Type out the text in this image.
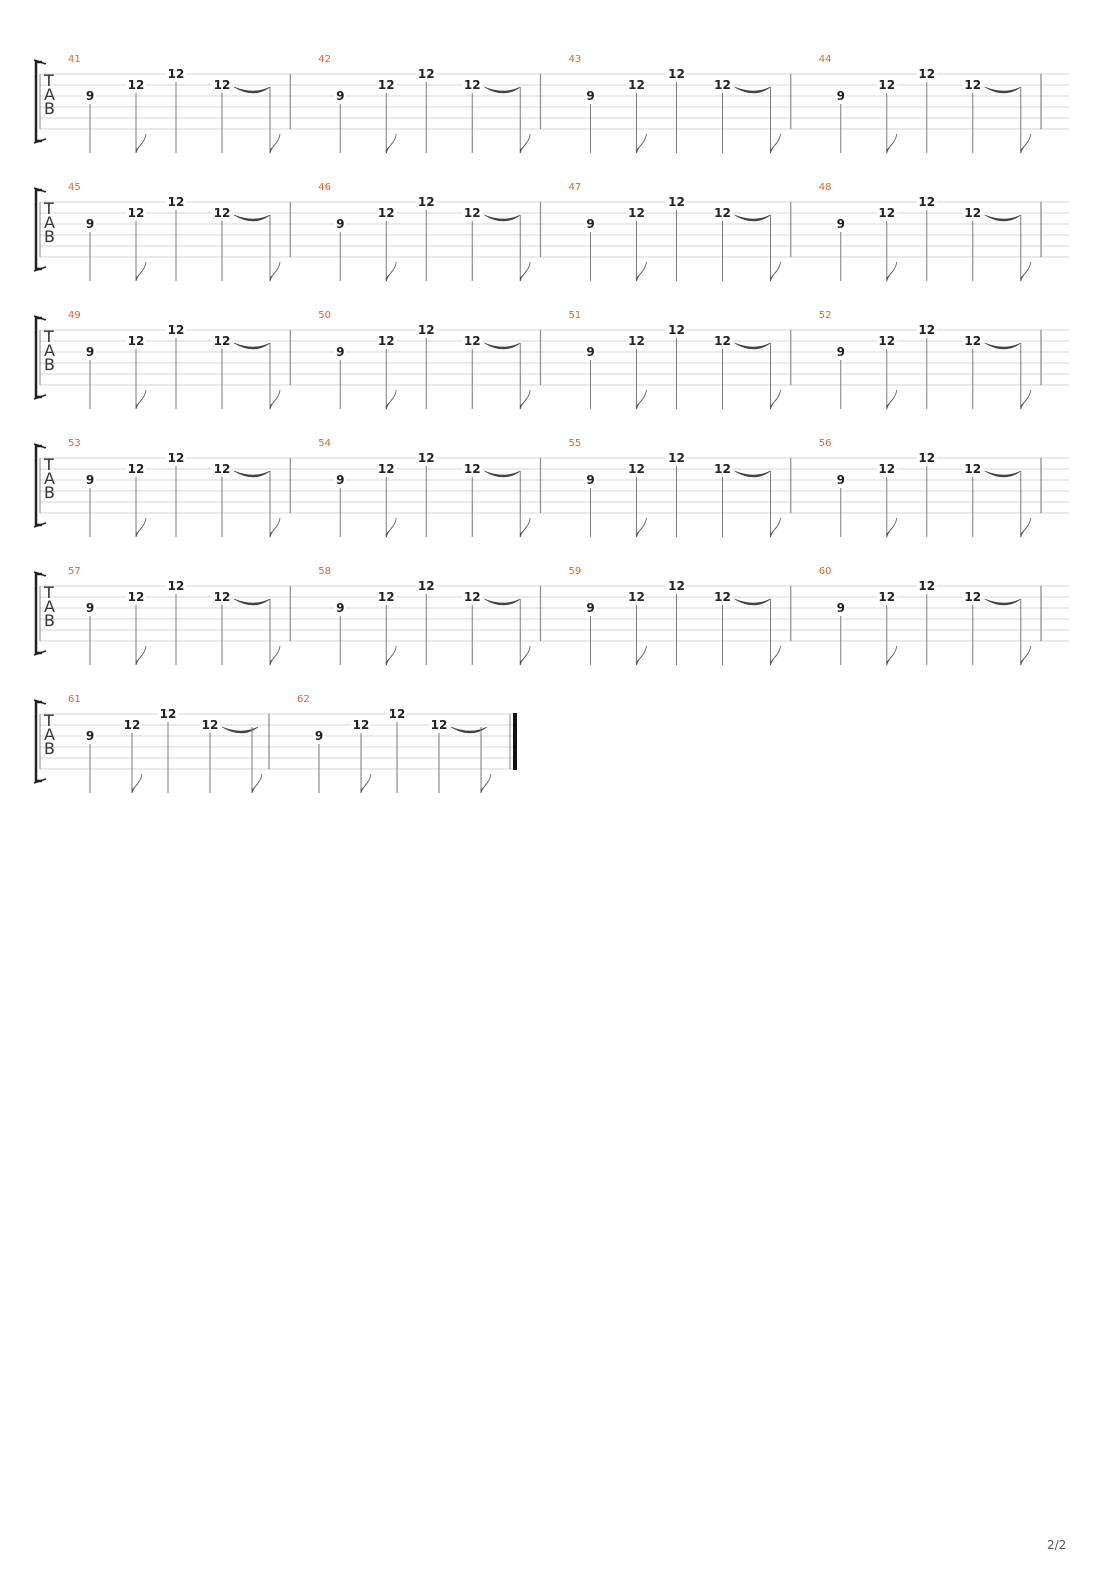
T
A
B
41
9
12
12
12
42
9
12
12
12
43
9
12
12
12
44
9
12
12
12
T
A
B
45
9
12
12
12
46
9
12
12
12
47
9
12
12
12
48
9
12
12
12
T
A
B
49
9
12
12
12
50
9
12
12
12
51
9
12
12
12
52
9
12
12
12
T
A
B
53
9
12
12
12
54
9
12
12
12
55
9
12
12
12
56
9
12
12
12
T
A
B
57
9
12
12
12
58
9
12
12
12
59
9
12
12
12
60
9
12
12
12
T
A
B
61
9
12
12
12
62
9
12
12
12
2/2
